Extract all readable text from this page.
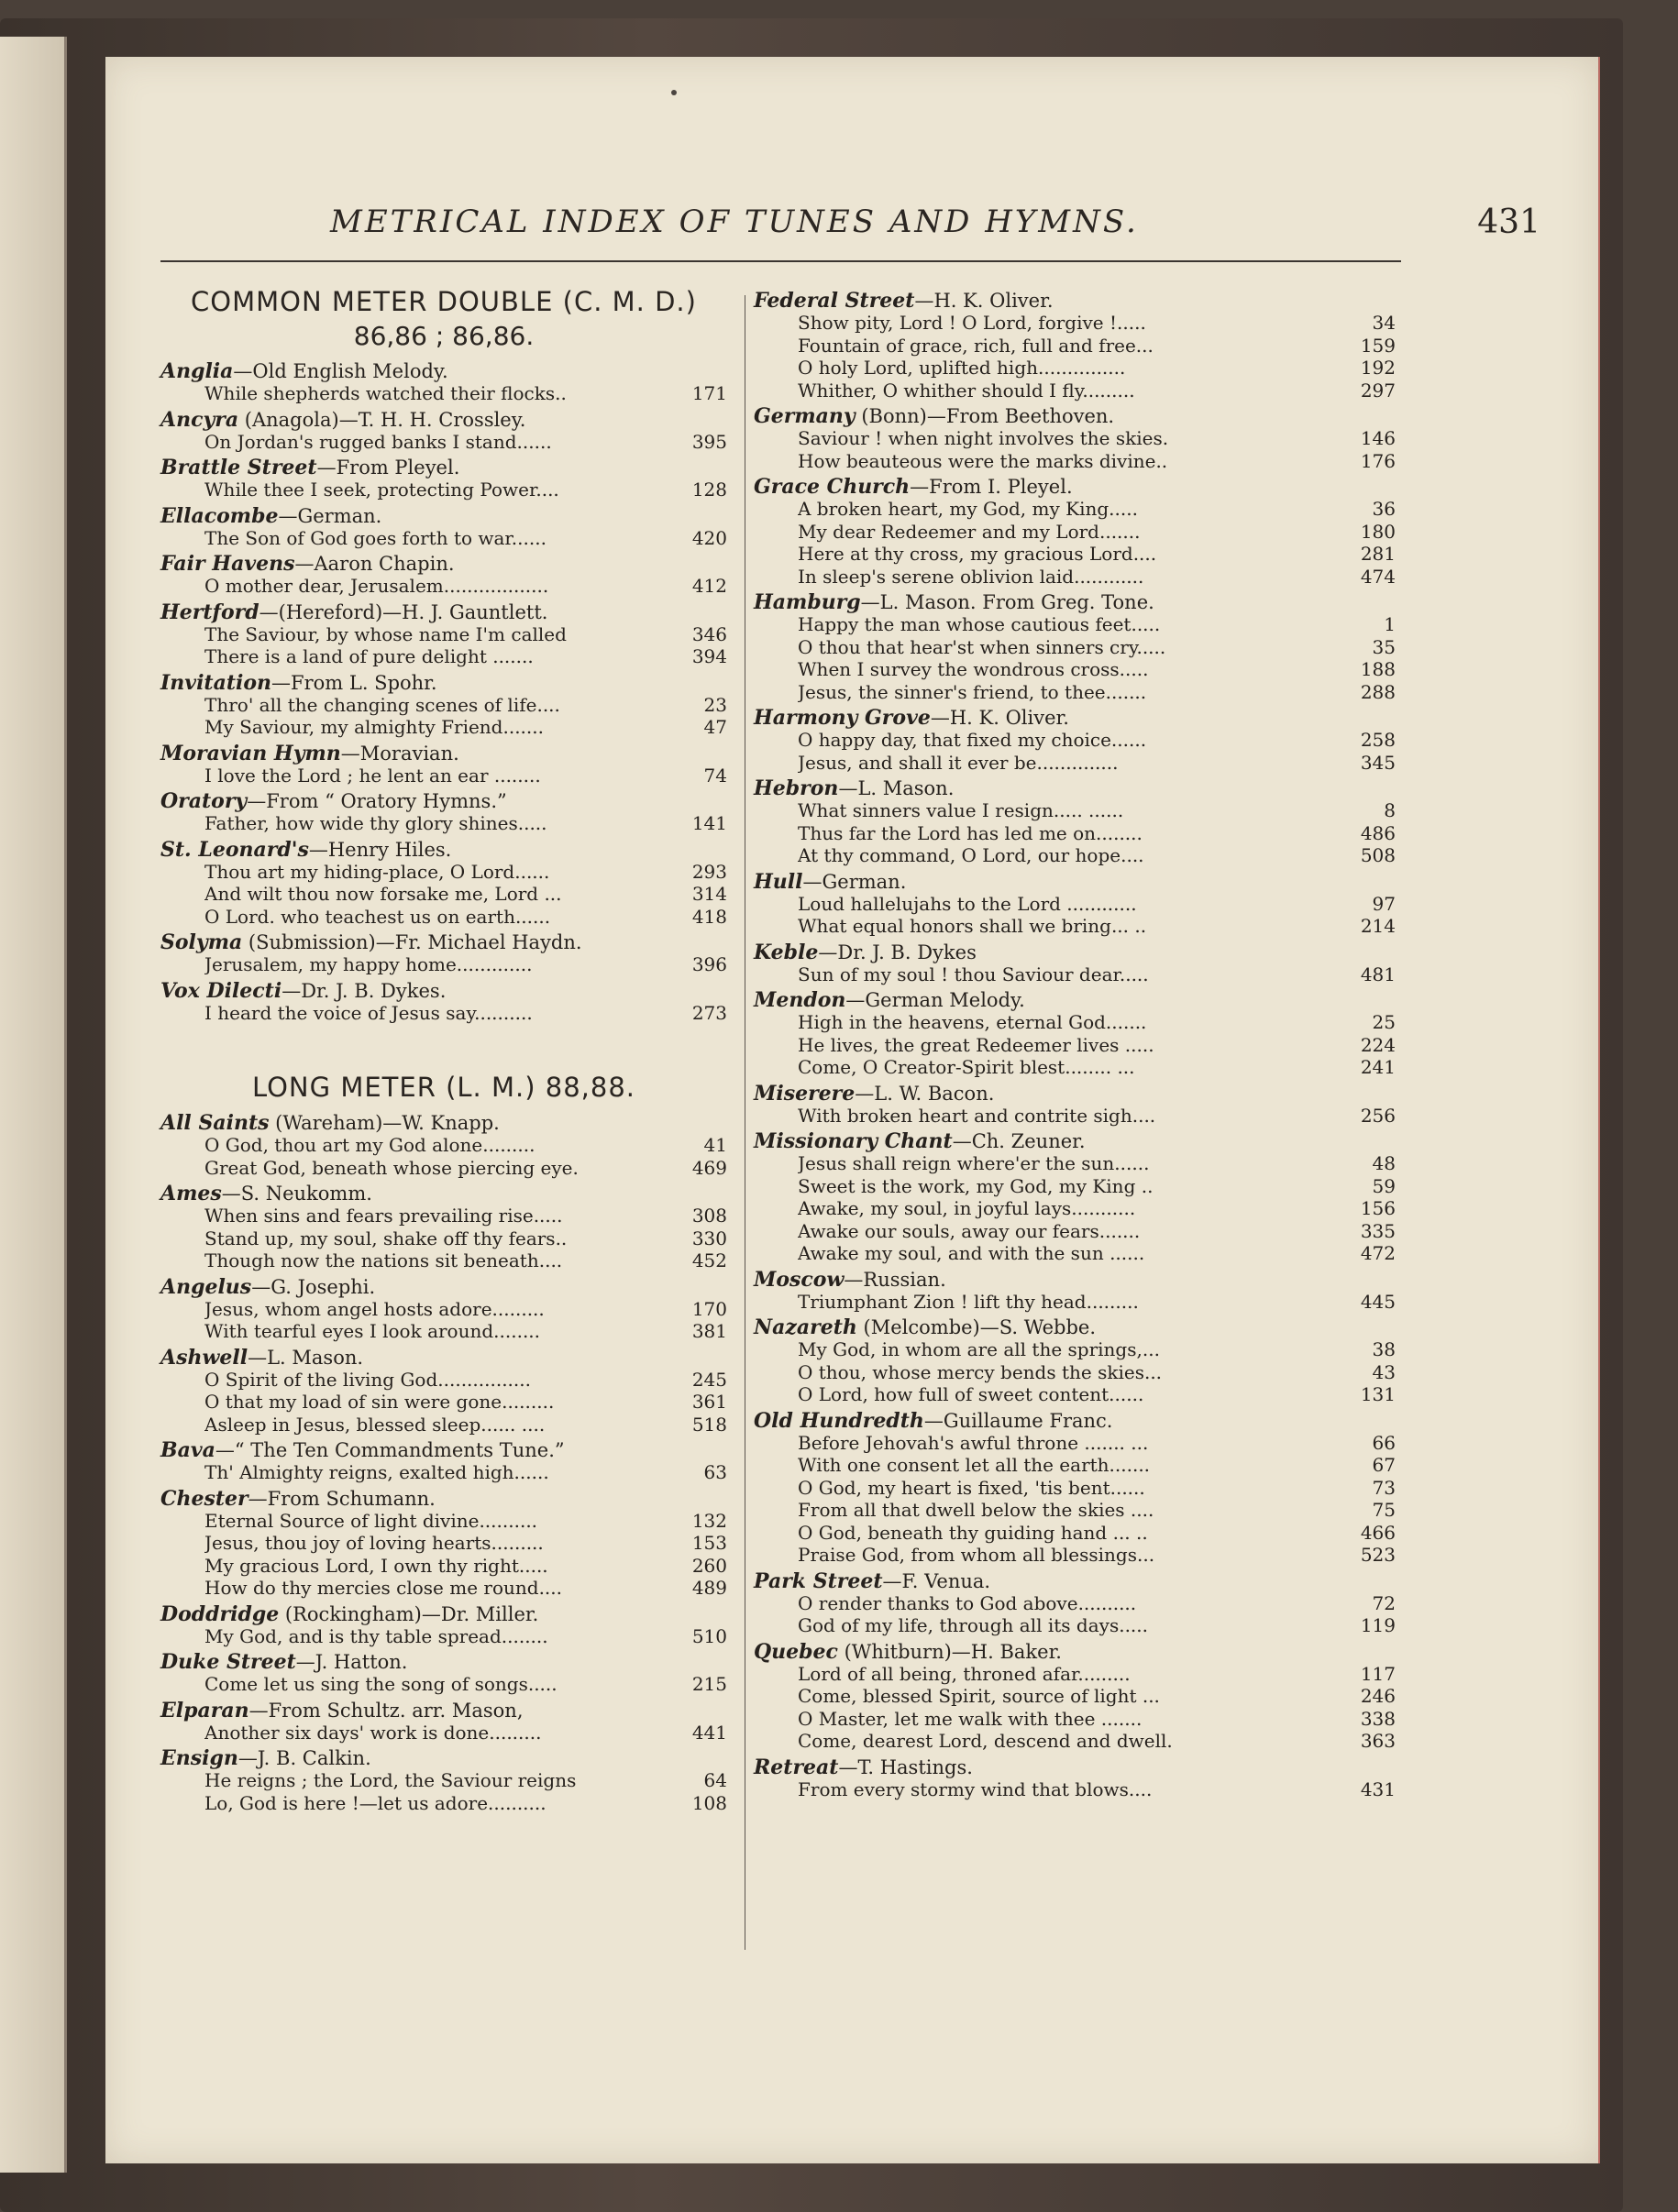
METRICAL INDEX OF TUNES AND HYMNS.	431
COMMON METER DOUBLE (C. M. D.)
86,86 ; 86,86.
Anglia—Old English Melody.
While shepherds watched their flocks..	171
Ancyra (Anagola)—T. H. H. Crossley.
On Jordan's rugged banks I stand......	395
Brattle Street—From Pleyel.
While thee I seek, protecting Power....	128
Ellacombe—German.
The Son of God goes forth to war......	420
Fair Havens—Aaron Chapin.
O mother dear, Jerusalem..................	412
Hertford—(Hereford)—H. J. Gauntlett.
The Saviour, by whose name I'm called	346
There is a land of pure delight .......	394
Invitation—From L. Spohr.
Thro' all the changing scenes of life....	23
My Saviour, my almighty Friend.......	47
Moravian Hymn—Moravian.
I love the Lord ; he lent an ear ........	74
Oratory—From “ Oratory Hymns.”
Father, how wide thy glory shines.....	141
St. Leonard's—Henry Hiles.
Thou art my hiding-place, O Lord......	293
And wilt thou now forsake me, Lord ...	314
O Lord. who teachest us on earth......	418
Solyma (Submission)—Fr. Michael Haydn.
Jerusalem, my happy home.............	396
Vox Dilecti—Dr. J. B. Dykes.
I heard the voice of Jesus say..........	273
LONG METER (L. M.) 88,88.
All Saints (Wareham)—W. Knapp.
O God, thou art my God alone.........	41
Great God, beneath whose piercing eye.	469
Ames—S. Neukomm.
When sins and fears prevailing rise.....	308
Stand up, my soul, shake off thy fears..	330
Though now the nations sit beneath....	452
Angelus—G. Josephi.
Jesus, whom angel hosts adore.........	170
With tearful eyes I look around........	381
Ashwell—L. Mason.
O Spirit of the living God................	245
O that my load of sin were gone.........	361
Asleep in Jesus, blessed sleep...... ....	518
Bava—“ The Ten Commandments Tune.”
Th' Almighty reigns, exalted high......	63
Chester—From Schumann.
Eternal Source of light divine..........	132
Jesus, thou joy of loving hearts.........	153
My gracious Lord, I own thy right.....	260
How do thy mercies close me round....	489
Doddridge (Rockingham)—Dr. Miller.
My God, and is thy table spread........	510
Duke Street—J. Hatton.
Come let us sing the song of songs.....	215
Elparan—From Schultz. arr. Mason,
Another six days' work is done.........	441
Ensign—J. B. Calkin.
He reigns ; the Lord, the Saviour reigns	64
Lo, God is here !—let us adore..........	108
Federal Street—H. K. Oliver.
Show pity, Lord ! O Lord, forgive !.....	34
Fountain of grace, rich, full and free...	159
O holy Lord, uplifted high...............	192
Whither, O whither should I fly.........	297
Germany (Bonn)—From Beethoven.
Saviour ! when night involves the skies.	146
How beauteous were the marks divine..	176
Grace Church—From I. Pleyel.
A broken heart, my God, my King.....	36
My dear Redeemer and my Lord.......	180
Here at thy cross, my gracious Lord....	281
In sleep's serene oblivion laid............	474
Hamburg—L. Mason. From Greg. Tone.
Happy the man whose cautious feet.....	1
O thou that hear'st when sinners cry.....	35
When I survey the wondrous cross.....	188
Jesus, the sinner's friend, to thee.......	288
Harmony Grove—H. K. Oliver.
O happy day, that fixed my choice......	258
Jesus, and shall it ever be..............	345
Hebron—L. Mason.
What sinners value I resign..... ......	8
Thus far the Lord has led me on........	486
At thy command, O Lord, our hope....	508
Hull—German.
Loud hallelujahs to the Lord ............	97
What equal honors shall we bring... ..	214
Keble—Dr. J. B. Dykes
Sun of my soul ! thou Saviour dear.....	481
Mendon—German Melody.
High in the heavens, eternal God.......	25
He lives, the great Redeemer lives .....	224
Come, O Creator-Spirit blest........ ...	241
Miserere—L. W. Bacon.
With broken heart and contrite sigh....	256
Missionary Chant—Ch. Zeuner.
Jesus shall reign where'er the sun......	48
Sweet is the work, my God, my King ..	59
Awake, my soul, in joyful lays...........	156
Awake our souls, away our fears.......	335
Awake my soul, and with the sun ......	472
Moscow—Russian.
Triumphant Zion ! lift thy head.........	445
Nazareth (Melcombe)—S. Webbe.
My God, in whom are all the springs,...	38
O thou, whose mercy bends the skies...	43
O Lord, how full of sweet content......	131
Old Hundredth—Guillaume Franc.
Before Jehovah's awful throne ....... ...	66
With one consent let all the earth.......	67
O God, my heart is fixed, 'tis bent......	73
From all that dwell below the skies ....	75
O God, beneath thy guiding hand ... ..	466
Praise God, from whom all blessings...	523
Park Street—F. Venua.
O render thanks to God above..........	72
God of my life, through all its days.....	119
Quebec (Whitburn)—H. Baker.
Lord of all being, throned afar.........	117
Come, blessed Spirit, source of light ...	246
O Master, let me walk with thee .......	338
Come, dearest Lord, descend and dwell.	363
Retreat—T. Hastings.
From every stormy wind that blows....	431
